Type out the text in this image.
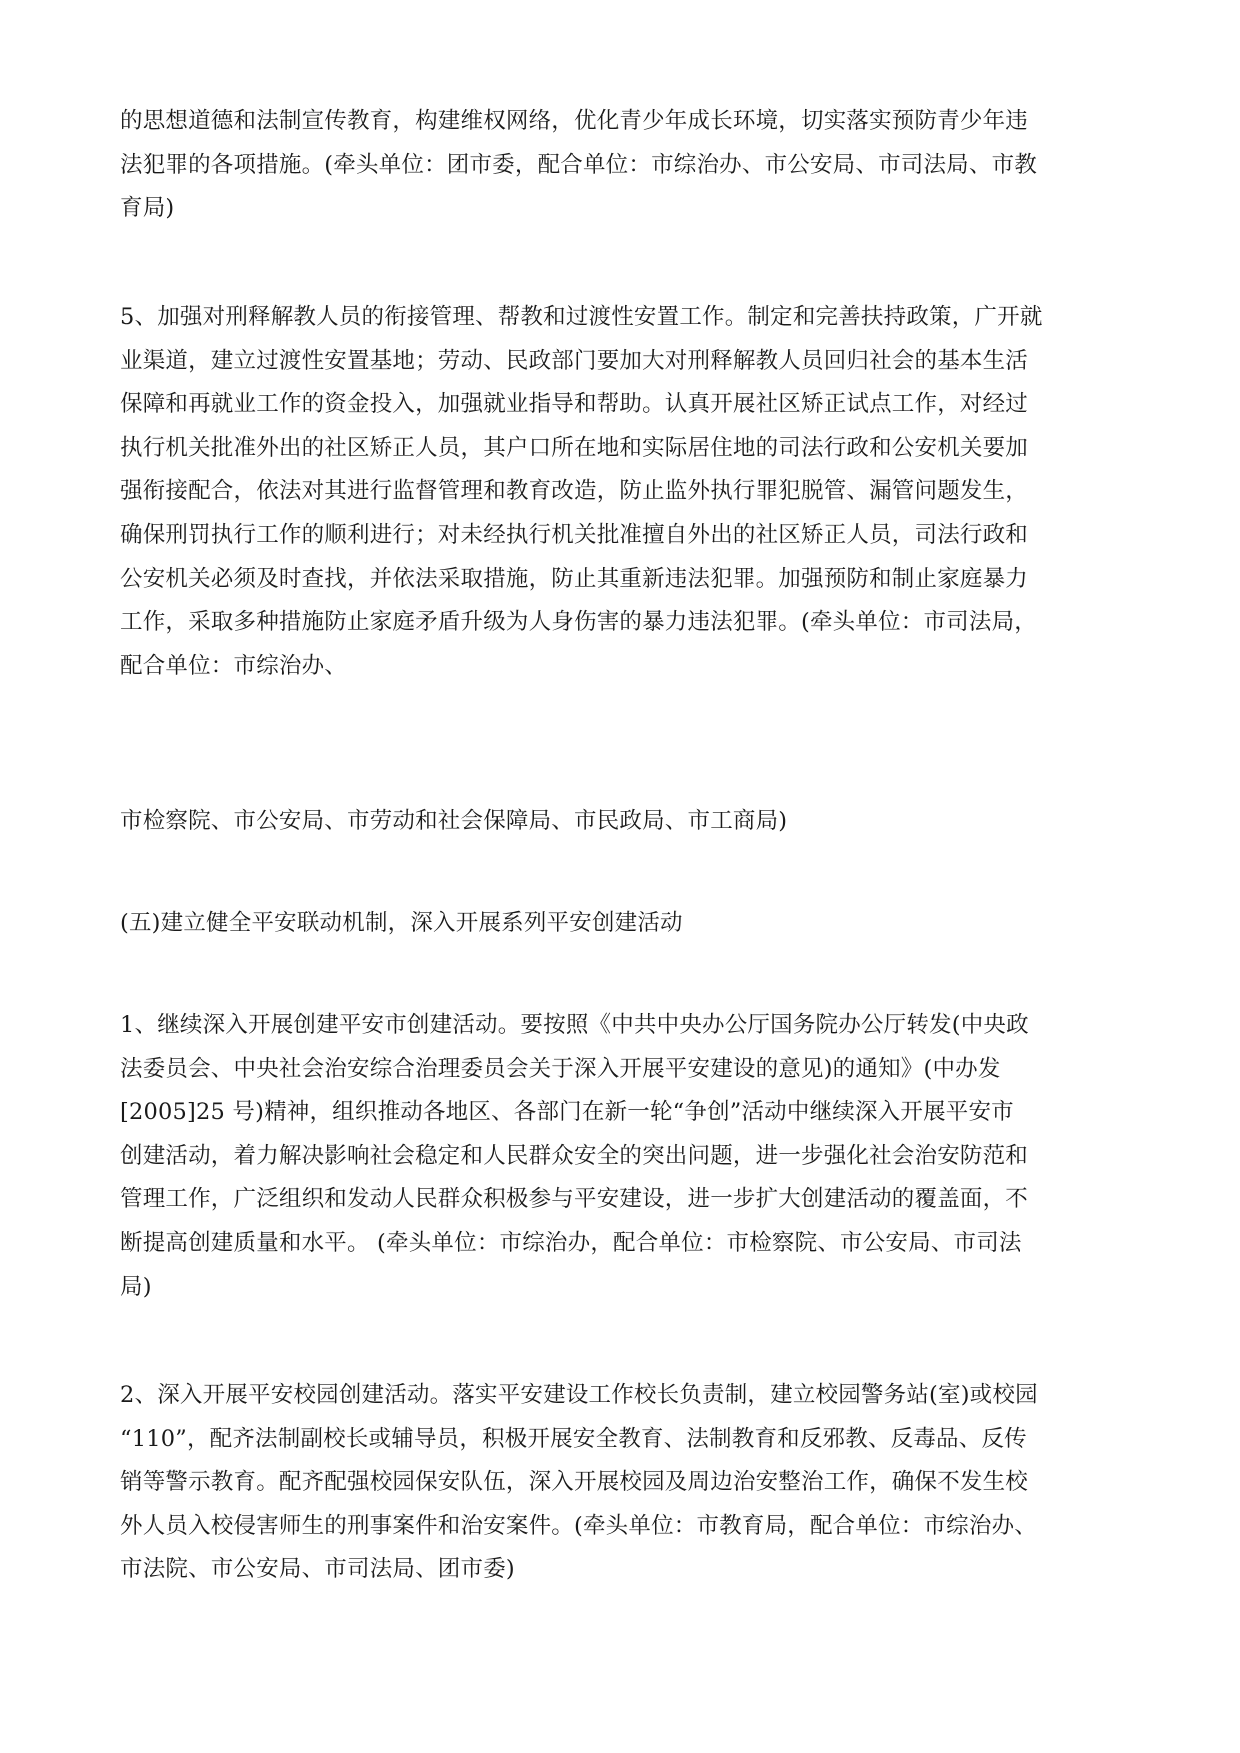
的思想道德和法制宣传教育，构建维权网络，优化青少年成长环境，切实落实预防青少年违
法犯罪的各项措施。(牵头单位：团市委，配合单位：市综治办、市公安局、市司法局、市教
育局)
5、加强对刑释解教人员的衔接管理、帮教和过渡性安置工作。制定和完善扶持政策，广开就
业渠道，建立过渡性安置基地；劳动、民政部门要加大对刑释解教人员回归社会的基本生活
保障和再就业工作的资金投入，加强就业指导和帮助。认真开展社区矫正试点工作，对经过
执行机关批准外出的社区矫正人员，其户口所在地和实际居住地的司法行政和公安机关要加
强衔接配合，依法对其进行监督管理和教育改造，防止监外执行罪犯脱管、漏管问题发生，
确保刑罚执行工作的顺利进行；对未经执行机关批准擅自外出的社区矫正人员，司法行政和
公安机关必须及时查找，并依法采取措施，防止其重新违法犯罪。加强预防和制止家庭暴力
工作，采取多种措施防止家庭矛盾升级为人身伤害的暴力违法犯罪。(牵头单位：市司法局，
配合单位：市综治办、
市检察院、市公安局、市劳动和社会保障局、市民政局、市工商局)
(五)建立健全平安联动机制，深入开展系列平安创建活动
1、继续深入开展创建平安市创建活动。要按照《中共中央办公厅国务院办公厅转发(中央政
法委员会、中央社会治安综合治理委员会关于深入开展平安建设的意见)的通知》(中办发
[2005]25 号)精神，组织推动各地区、各部门在新一轮“争创”活动中继续深入开展平安市
创建活动，着力解决影响社会稳定和人民群众安全的突出问题，进一步强化社会治安防范和
管理工作，广泛组织和发动人民群众积极参与平安建设，进一步扩大创建活动的覆盖面，不
断提高创建质量和水平。 (牵头单位：市综治办，配合单位：市检察院、市公安局、市司法
局)
2、深入开展平安校园创建活动。落实平安建设工作校长负责制，建立校园警务站(室)或校园
“110”，配齐法制副校长或辅导员，积极开展安全教育、法制教育和反邪教、反毒品、反传
销等警示教育。配齐配强校园保安队伍，深入开展校园及周边治安整治工作，确保不发生校
外人员入校侵害师生的刑事案件和治安案件。(牵头单位：市教育局，配合单位：市综治办、
市法院、市公安局、市司法局、团市委)
